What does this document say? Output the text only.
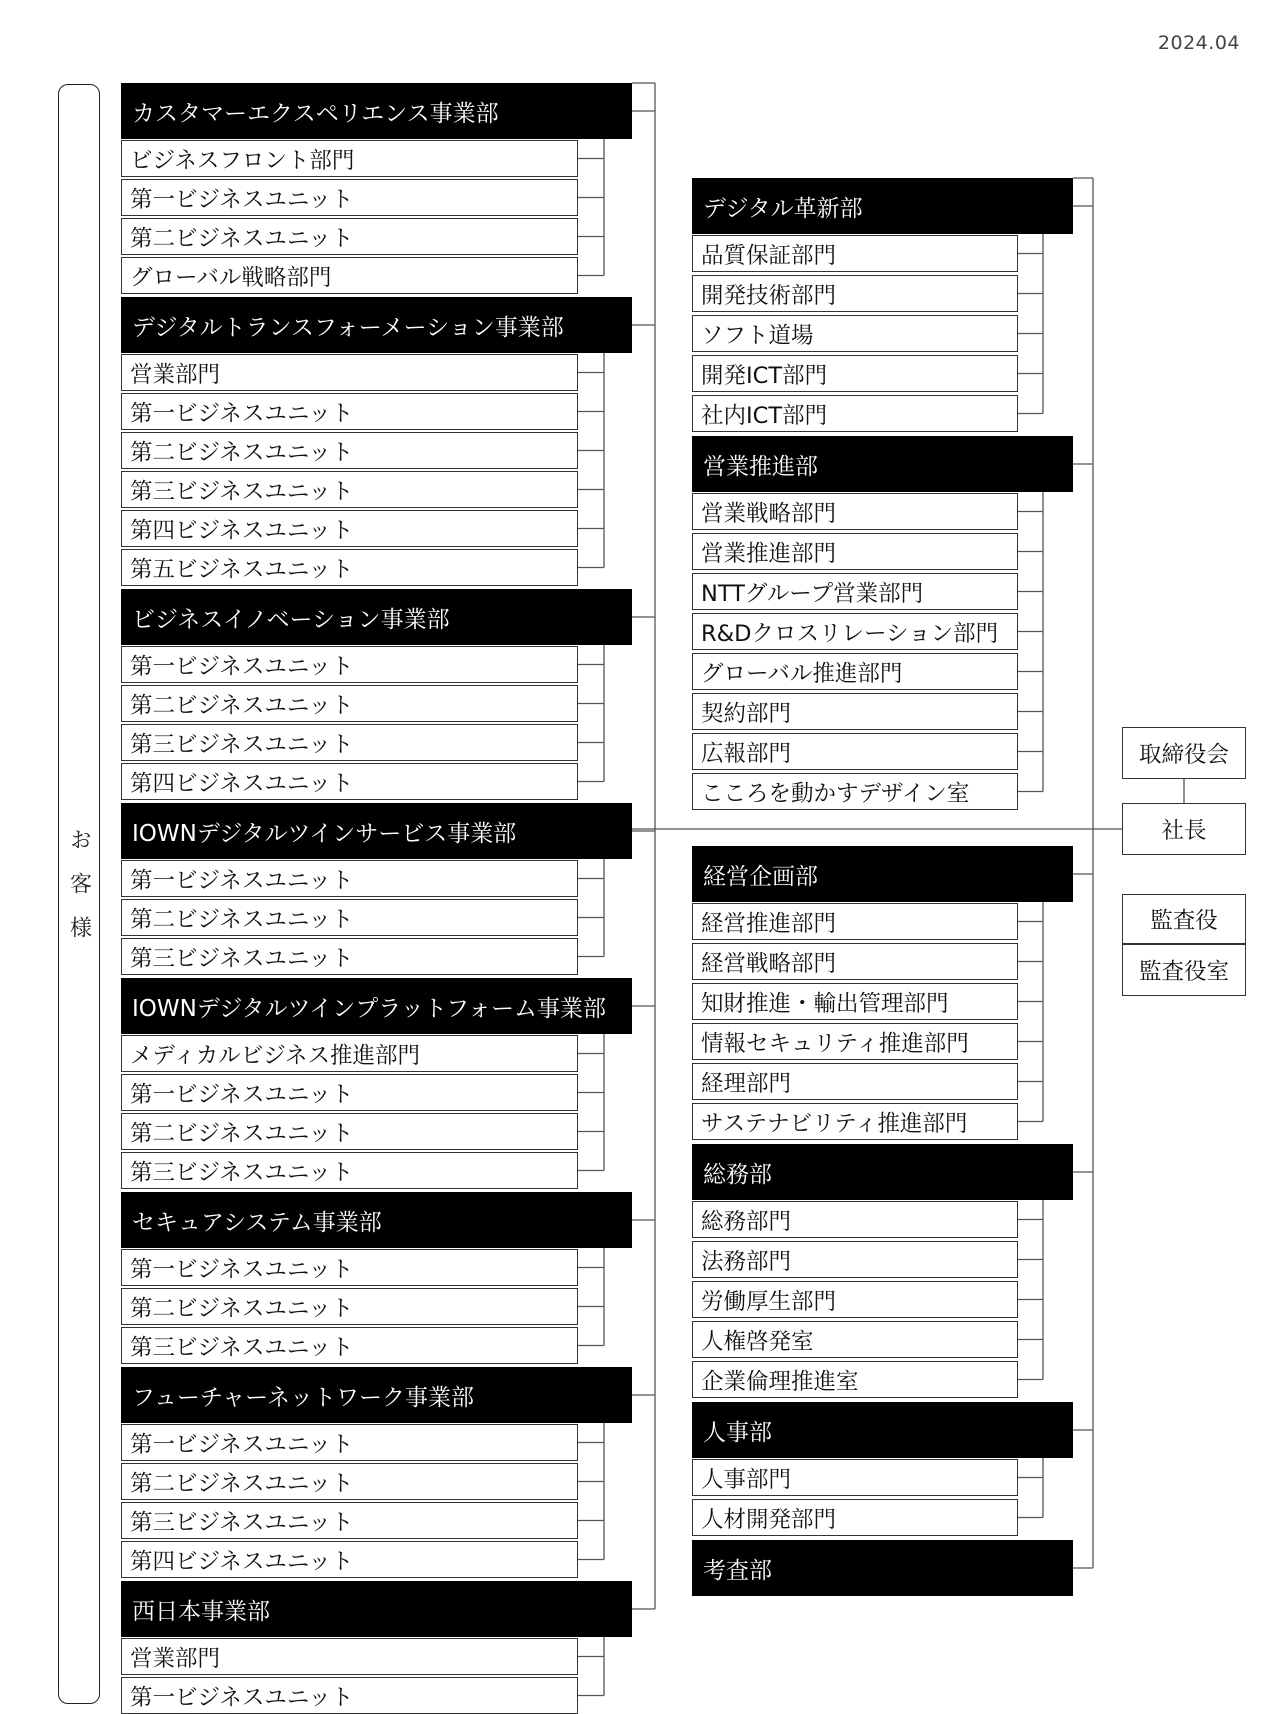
2024.04
お客様
カスタマーエクスペリエンス事業部
ビジネスフロント部門
第一ビジネスユニット
第二ビジネスユニット
グローバル戦略部門
デジタルトランスフォーメーション事業部
営業部門
第一ビジネスユニット
第二ビジネスユニット
第三ビジネスユニット
第四ビジネスユニット
第五ビジネスユニット
ビジネスイノベーション事業部
第一ビジネスユニット
第二ビジネスユニット
第三ビジネスユニット
第四ビジネスユニット
IOWNデジタルツインサービス事業部
第一ビジネスユニット
第二ビジネスユニット
第三ビジネスユニット
IOWNデジタルツインプラットフォーム事業部
メディカルビジネス推進部門
第一ビジネスユニット
第二ビジネスユニット
第三ビジネスユニット
セキュアシステム事業部
第一ビジネスユニット
第二ビジネスユニット
第三ビジネスユニット
フューチャーネットワーク事業部
第一ビジネスユニット
第二ビジネスユニット
第三ビジネスユニット
第四ビジネスユニット
西日本事業部
営業部門
第一ビジネスユニット
デジタル革新部
品質保証部門
開発技術部門
ソフト道場
開発ICT部門
社内ICT部門
営業推進部
営業戦略部門
営業推進部門
NTTグループ営業部門
R&Dクロスリレーション部門
グローバル推進部門
契約部門
広報部門
こころを動かすデザイン室
経営企画部
経営推進部門
経営戦略部門
知財推進・輸出管理部門
情報セキュリティ推進部門
経理部門
サステナビリティ推進部門
総務部
総務部門
法務部門
労働厚生部門
人権啓発室
企業倫理推進室
人事部
人事部門
人材開発部門
考査部
取締役会
社長
監査役
監査役室
